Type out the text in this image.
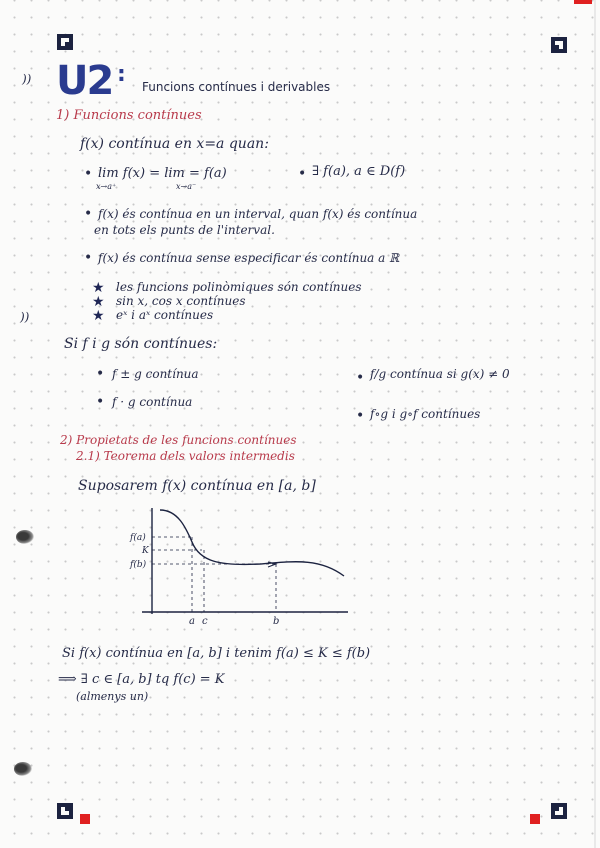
))
))
U2 : Funcions contínues i derivables
1) Funcions contínues
f(x) contínua en x=a quan:
• lim f(x) = lim = f(a)
x→a⁺	x→a⁻
• ∃ f(a), a ∈ D(f)
• f(x) és contínua en un interval, quan f(x) és contínua
en tots els punts de l'interval.
• f(x) és contínua sense especificar és contínua a ℝ
★ les funcions polinòmiques són contínues
★ sin x, cos x contínues
★ eˣ i aˣ contínues
Si f i g són contínues:
• f ± g contínua
• f · g contínua
• f/g contínua si g(x) ≠ 0
• f∘g i g∘f contínues
2) Propietats de les funcions contínues
2.1) Teorema dels valors intermedis
Suposarem f(x) contínua en [a, b]
f(a)
K
f(b)
a c	b
Si f(x) contínua en [a, b] i tenim f(a) ≤ K ≤ f(b)
⟹ ∃ c ∈ [a, b] tq f(c) = K
(almenys un)
